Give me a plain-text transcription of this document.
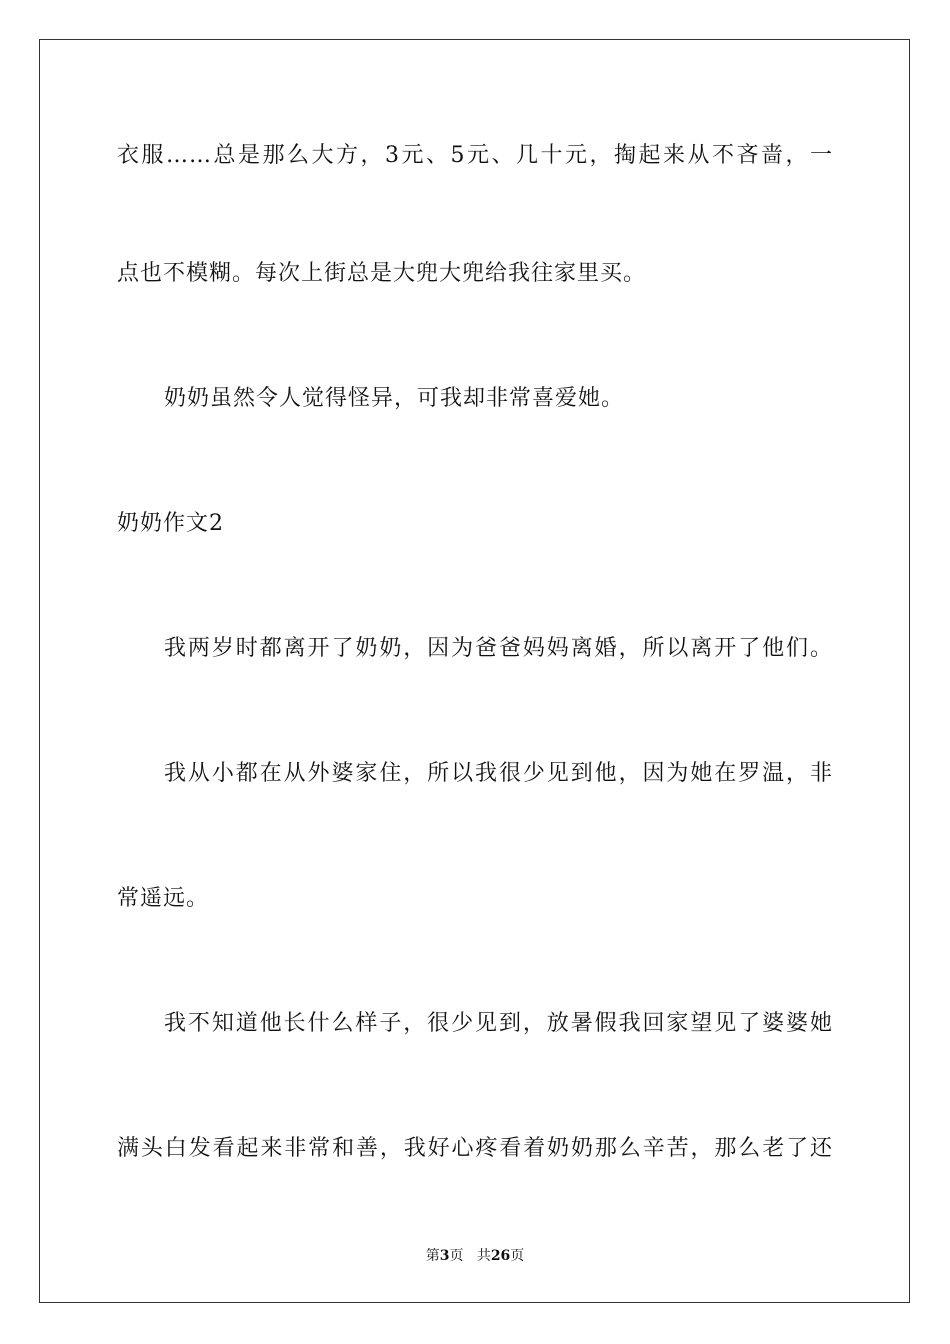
衣服……总是那么大方，3元、5元、几十元，掏起来从不吝啬，一
点也不模糊。每次上街总是大兜大兜给我往家里买。
奶奶虽然令人觉得怪异，可我却非常喜爱她。
奶奶作文2
我两岁时都离开了奶奶，因为爸爸妈妈离婚，所以离开了他们。
我从小都在从外婆家住，所以我很少见到他，因为她在罗温，非
常遥远。
我不知道他长什么样子，很少见到，放暑假我回家望见了婆婆她
满头白发看起来非常和善，我好心疼看着奶奶那么辛苦，那么老了还
第3页 共26页
